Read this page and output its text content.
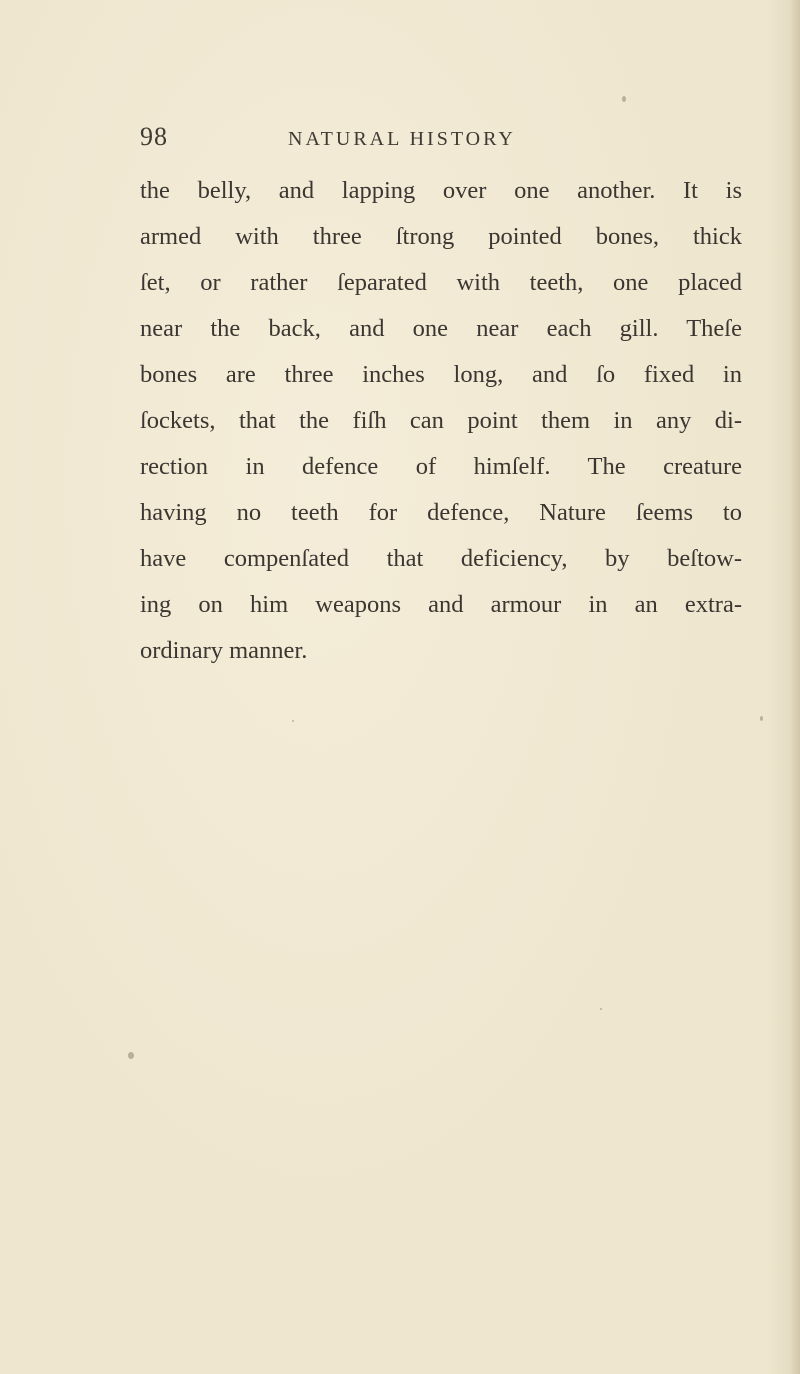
98	NATURAL HISTORY
the belly, and lapping over one another. It is
armed with three ſtrong pointed bones, thick
ſet, or rather ſeparated with teeth, one placed
near the back, and one near each gill. Theſe
bones are three inches long, and ſo fixed in
ſockets, that the fiſh can point them in any di-
rection in defence of himſelf. The creature
having no teeth for defence, Nature ſeems to
have compenſated that deficiency, by beſtow-
ing on him weapons and armour in an extra-
ordinary manner.
